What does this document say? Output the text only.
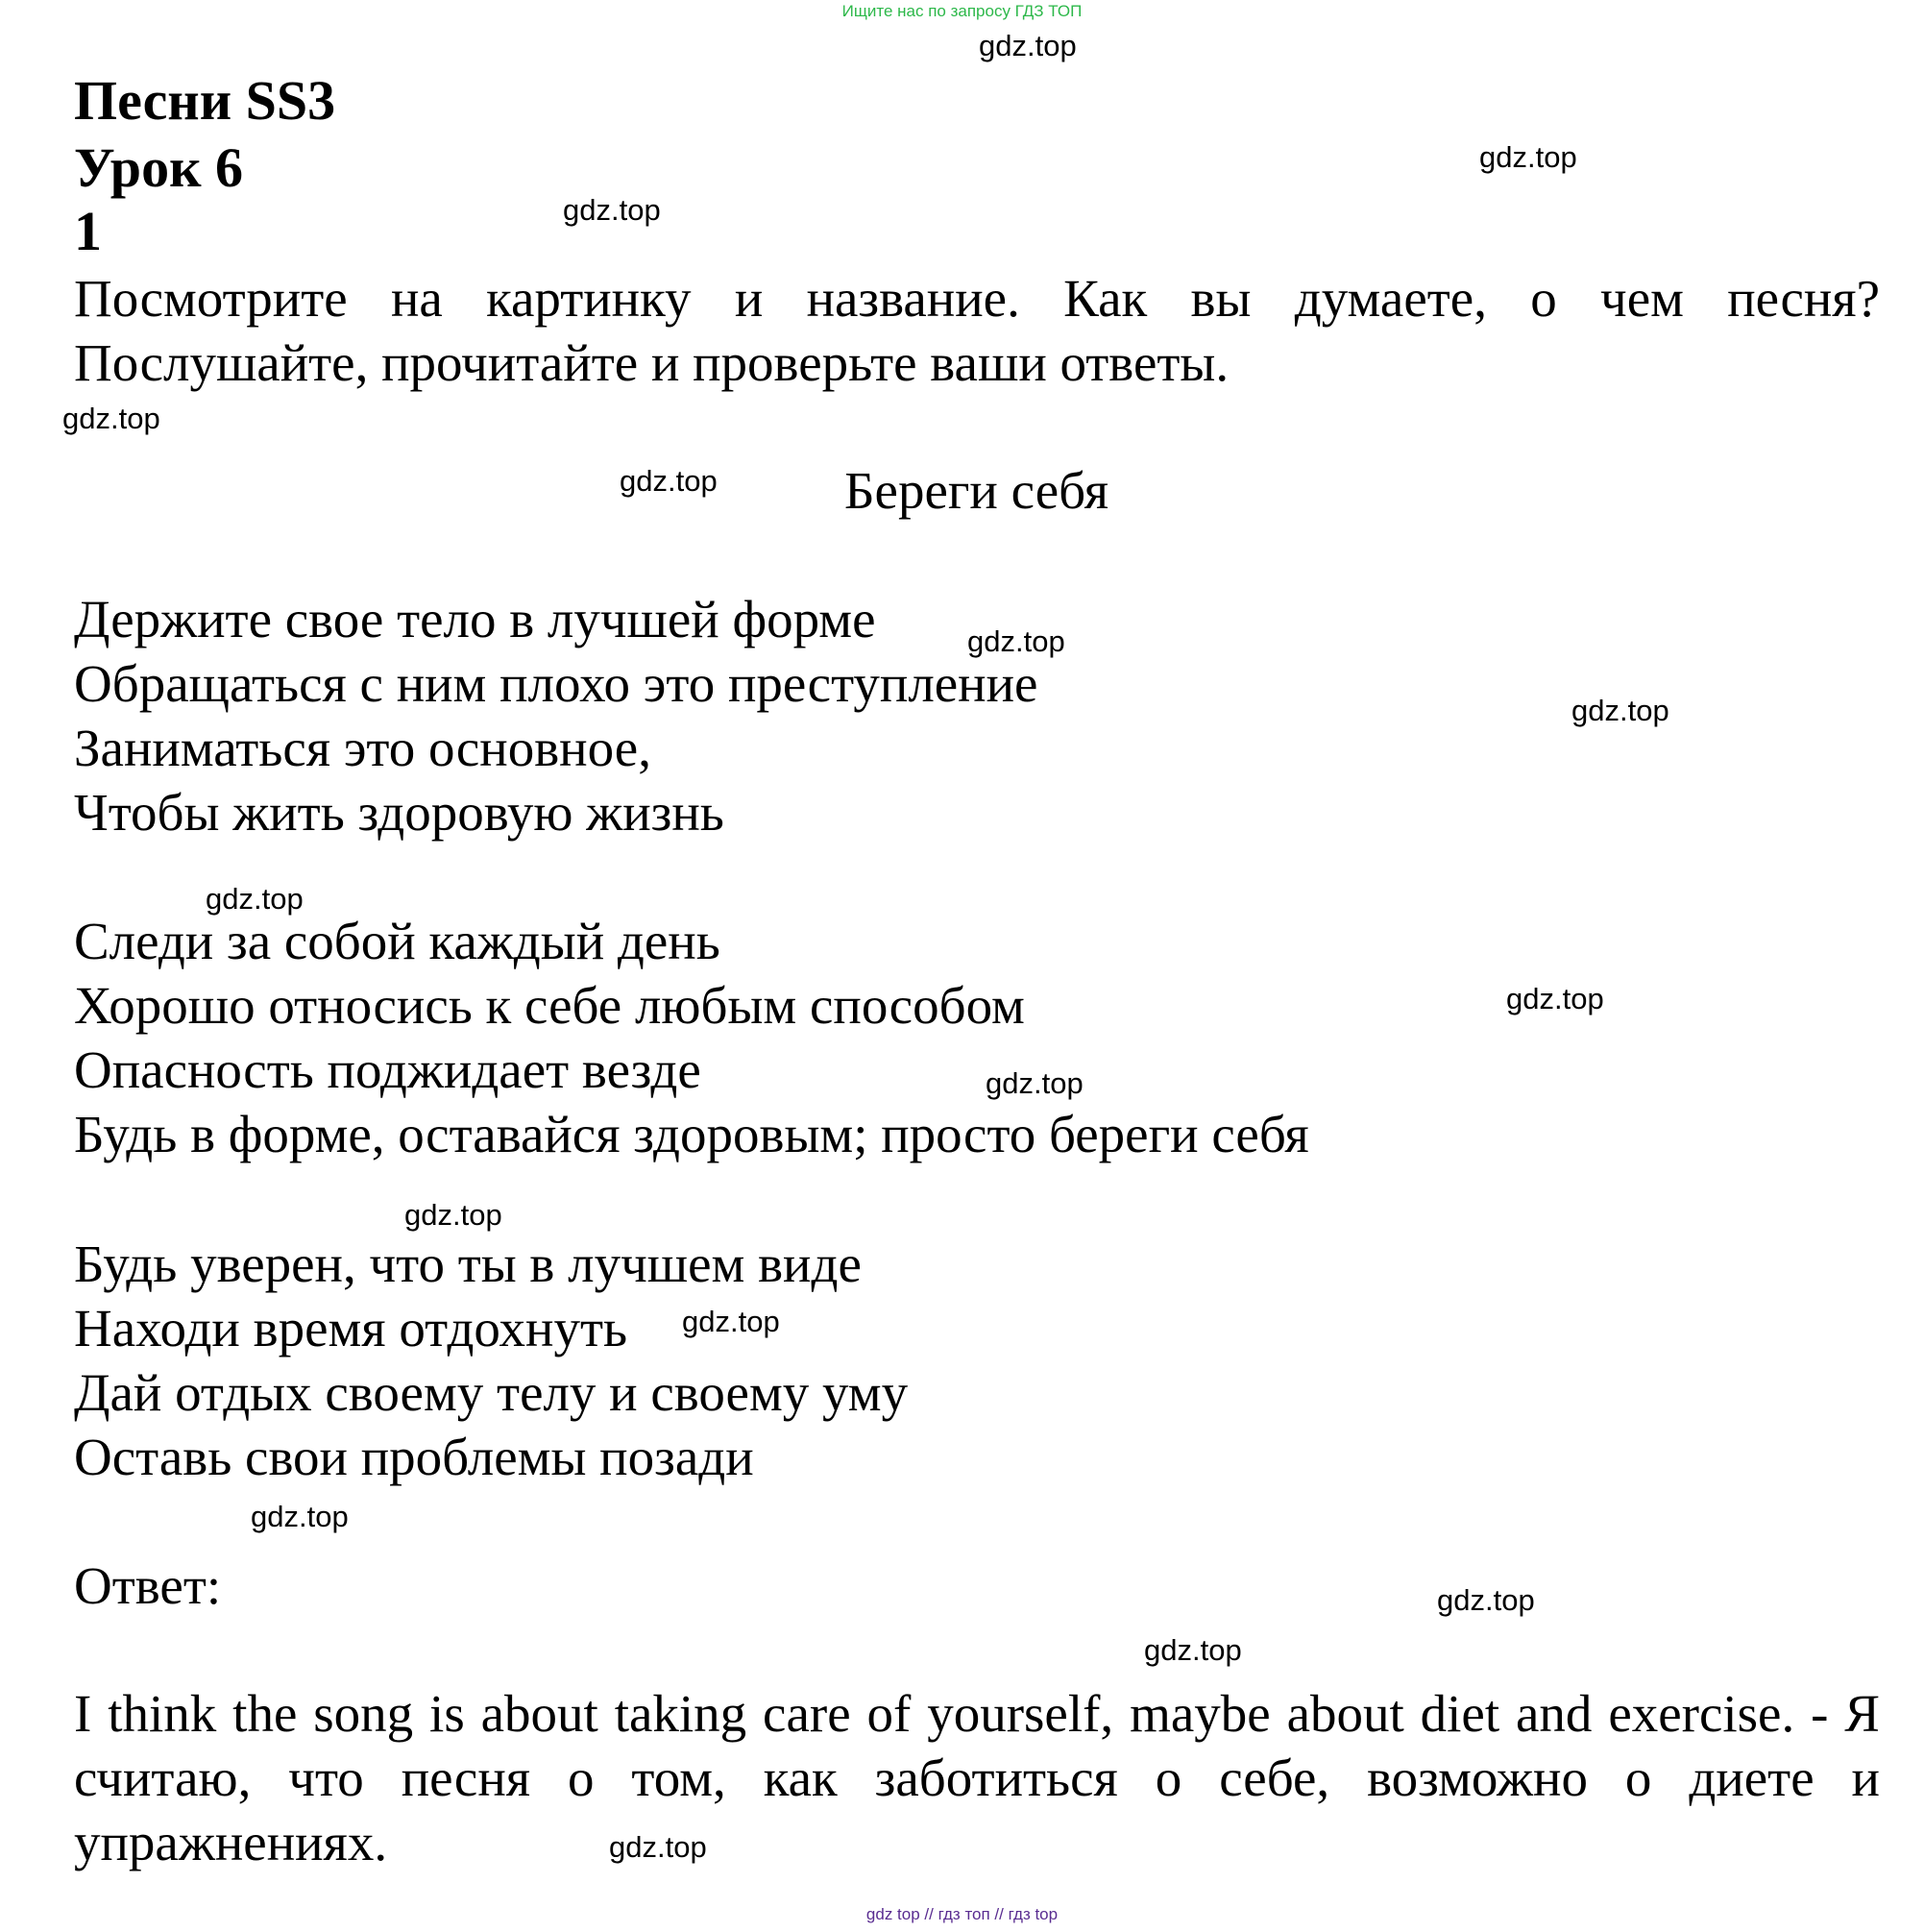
Ищите нас по запросу ГДЗ ТОП
Песни SS3
Урок 6
1
Посмотрите на картинку и название. Как вы думаете, о чем песня? Послушайте, прочитайте и проверьте ваши ответы.
Береги себя
Держите свое тело в лучшей форме
Обращаться с ним плохо это преступление
Заниматься это основное,
Чтобы жить здоровую жизнь
Следи за собой каждый день
Хорошо относись к себе любым способом
Опасность поджидает везде
Будь в форме, оставайся здоровым; просто береги себя
Будь уверен, что ты в лучшем виде
Находи время отдохнуть
Дай отдых своему телу и своему уму
Оставь свои проблемы позади
Ответ:
I think the song is about taking care of yourself, maybe about diet and exercise. - Я считаю, что песня о том, как заботиться о себе, возможно о диете и упражнениях.
gdz.top
gdz.top
gdz.top
gdz.top
gdz.top
gdz.top
gdz.top
gdz.top
gdz.top
gdz.top
gdz.top
gdz.top
gdz.top
gdz.top
gdz.top
gdz.top
gdz top // гдз топ // гдз top
